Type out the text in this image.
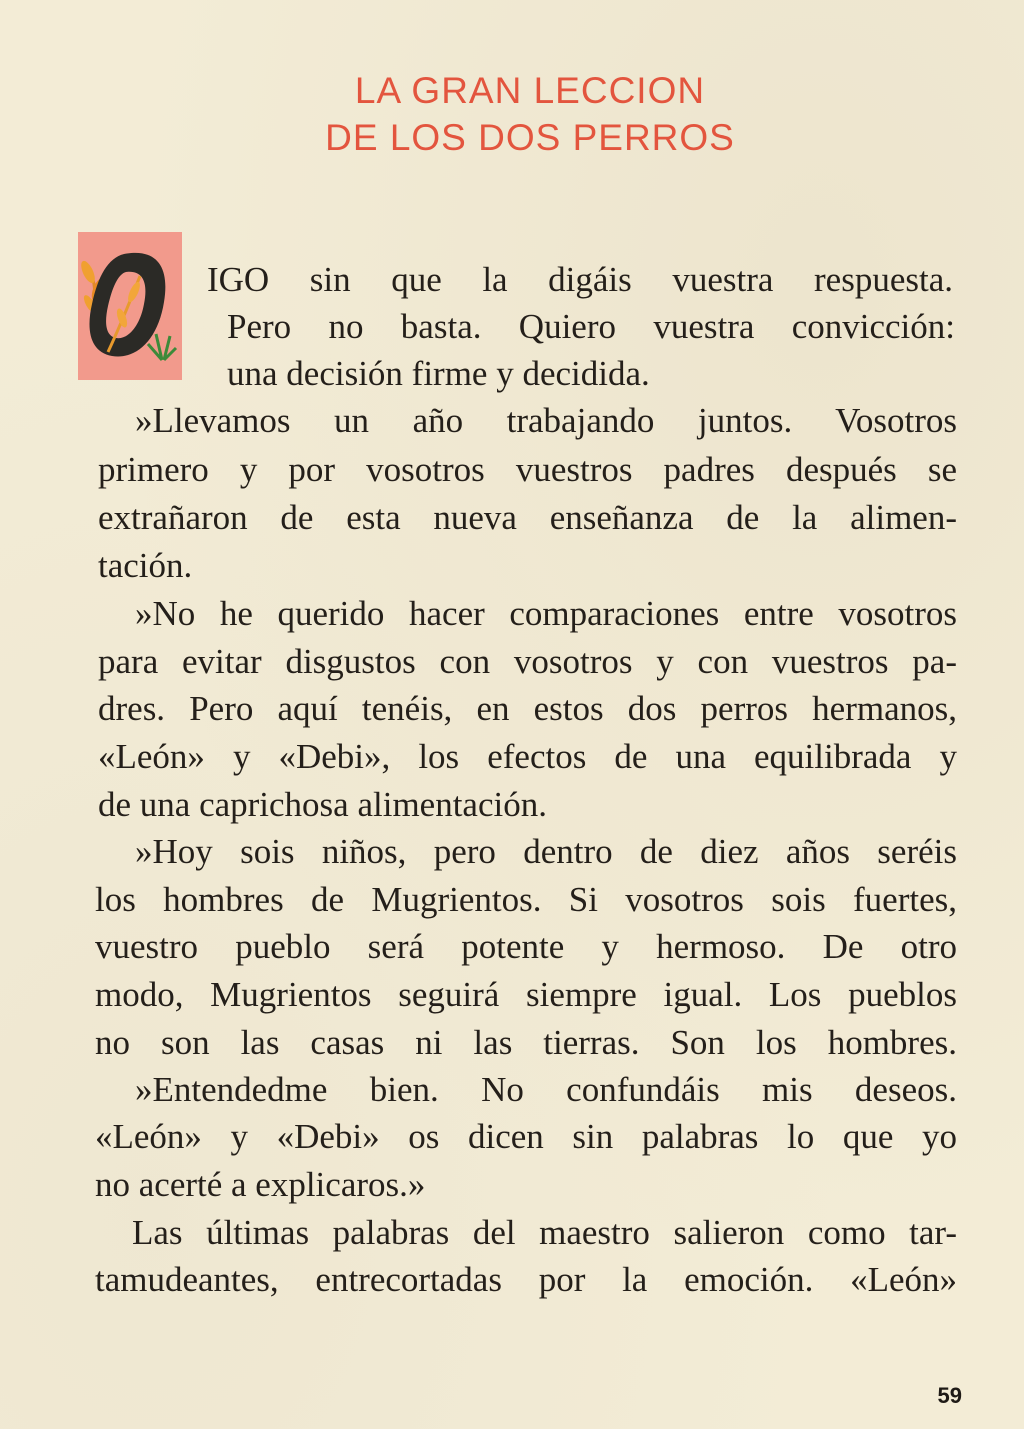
LA GRAN LECCION
DE LOS DOS PERROS

IGO sin que la digáis vuestra respuesta.

Pero no basta. Quiero vuestra convicción:

una decisión firme y decidida.

»Llevamos un año trabajando juntos. Vosotros

primero y por vosotros vuestros padres después se

extrañaron de esta nueva enseñanza de la alimen-

tación.

»No he querido hacer comparaciones entre vosotros

para evitar disgustos con vosotros y con vuestros pa-

dres. Pero aquí tenéis, en estos dos perros hermanos,

«León» y «Debi», los efectos de una equilibrada y

de una caprichosa alimentación.

»Hoy sois niños, pero dentro de diez años seréis

los hombres de Mugrientos. Si vosotros sois fuertes,

vuestro pueblo será potente y hermoso. De otro

modo, Mugrientos seguirá siempre igual. Los pueblos

no son las casas ni las tierras. Son los hombres.

»Entendedme bien. No confundáis mis deseos.

«León» y «Debi» os dicen sin palabras lo que yo

no acerté a explicaros.»

Las últimas palabras del maestro salieron como tar-

tamudeantes, entrecortadas por la emoción. «León»

59
